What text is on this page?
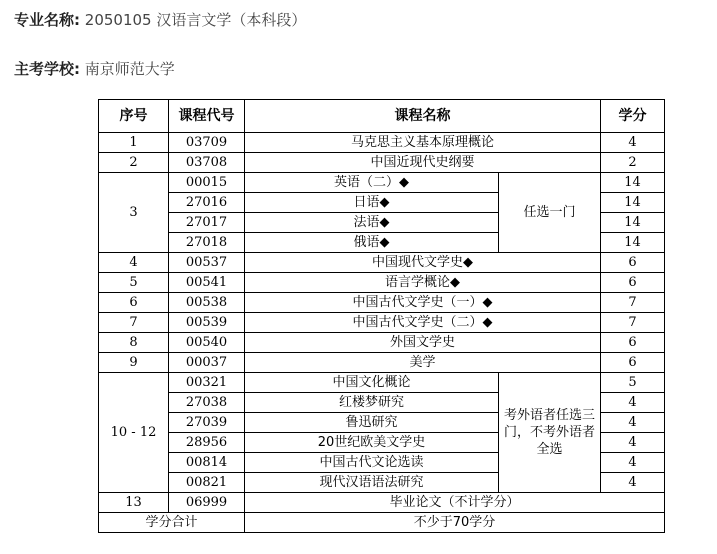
专业名称: 2050105 汉语言文学（本科段）
主考学校: 南京师范大学
序号	课程代号	课程名称		学分
1	03709	马克思主义基本原理概论		4
2	03708	中国近现代史纲要		2
3	00015	英语（二）◆	任选一门	14
	27016	日语◆		14
	27017	法语◆		14
	27018	俄语◆		14
4	00537	中国现代文学史◆		6
5	00541	语言学概论◆		6
6	00538	中国古代文学史（一）◆		7
7	00539	中国古代文学史（二）◆		7
8	00540	外国文学史		6
9	00037	美学		6
10 - 12	00321	中国文化概论	考外语者任选三门，不考外语者全选	5
	27038	红楼梦研究		4
	27039	鲁迅研究		4
	28956	20世纪欧美文学史		4
	00814	中国古代文论选读		4
	00821	现代汉语语法研究		4
13	06999	毕业论文（不计学分）		
学分合计		不少于70学分		
